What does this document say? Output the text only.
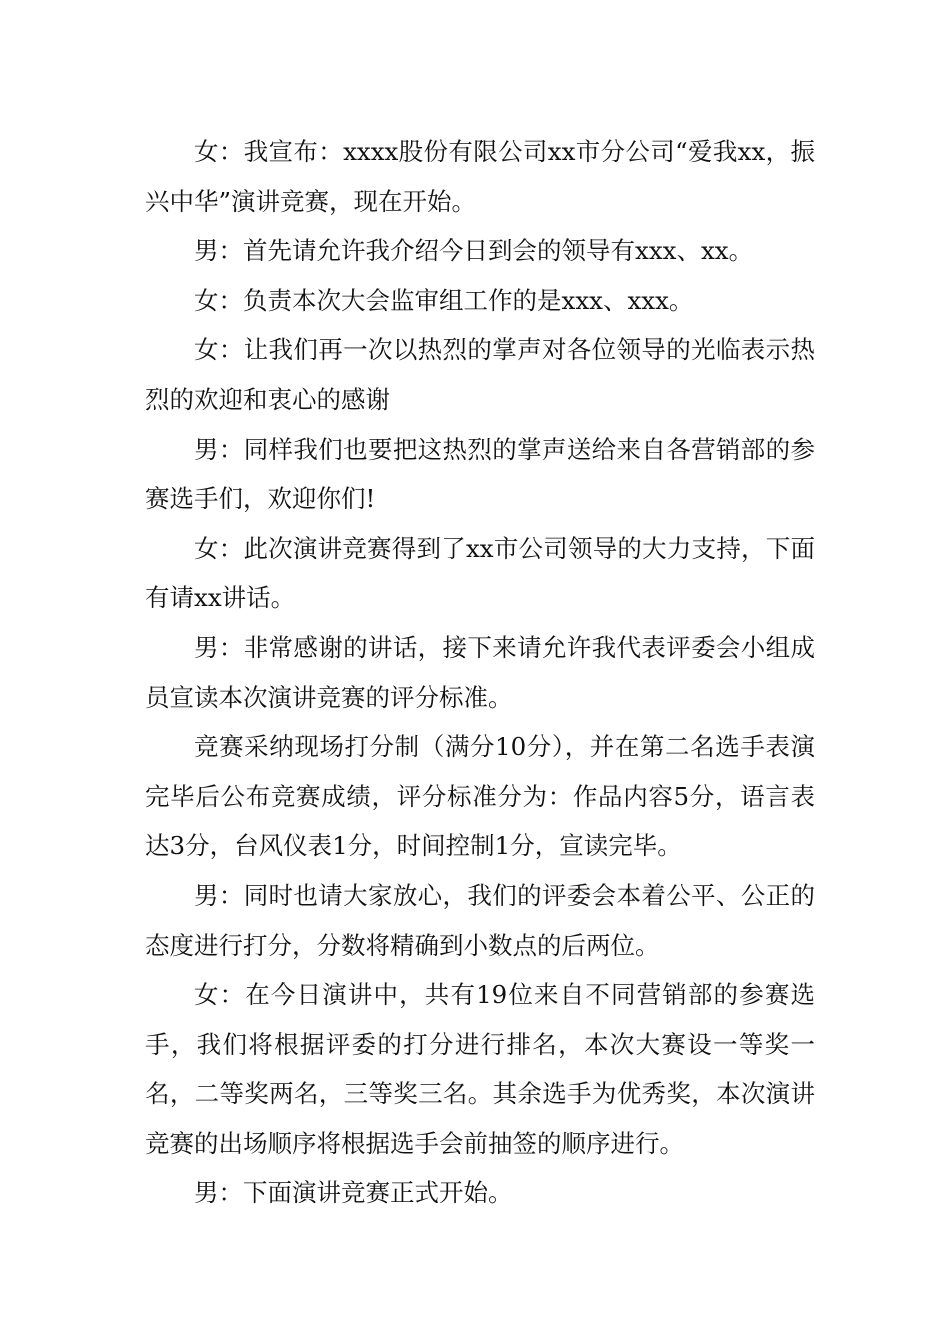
女：我宣布：xxxx股份有限公司xx市分公司“爱我xx，振兴中华”演讲竞赛，现在开始。

男：首先请允许我介绍今日到会的领导有xxx、xx。

女：负责本次大会监审组工作的是xxx、xxx。

女：让我们再一次以热烈的掌声对各位领导的光临表示热烈的欢迎和衷心的感谢

男：同样我们也要把这热烈的掌声送给来自各营销部的参赛选手们，欢迎你们!

女：此次演讲竞赛得到了xx市公司领导的大力支持，下面有请xx讲话。

男：非常感谢的讲话，接下来请允许我代表评委会小组成员宣读本次演讲竞赛的评分标准。

竞赛采纳现场打分制（满分10分），并在第二名选手表演完毕后公布竞赛成绩，评分标准分为：作品内容5分，语言表达3分，台风仪表1分，时间控制1分，宣读完毕。

男：同时也请大家放心，我们的评委会本着公平、公正的态度进行打分，分数将精确到小数点的后两位。

女：在今日演讲中，共有19位来自不同营销部的参赛选手，我们将根据评委的打分进行排名，本次大赛设一等奖一名，二等奖两名，三等奖三名。其余选手为优秀奖，本次演讲竞赛的出场顺序将根据选手会前抽签的顺序进行。

男：下面演讲竞赛正式开始。
